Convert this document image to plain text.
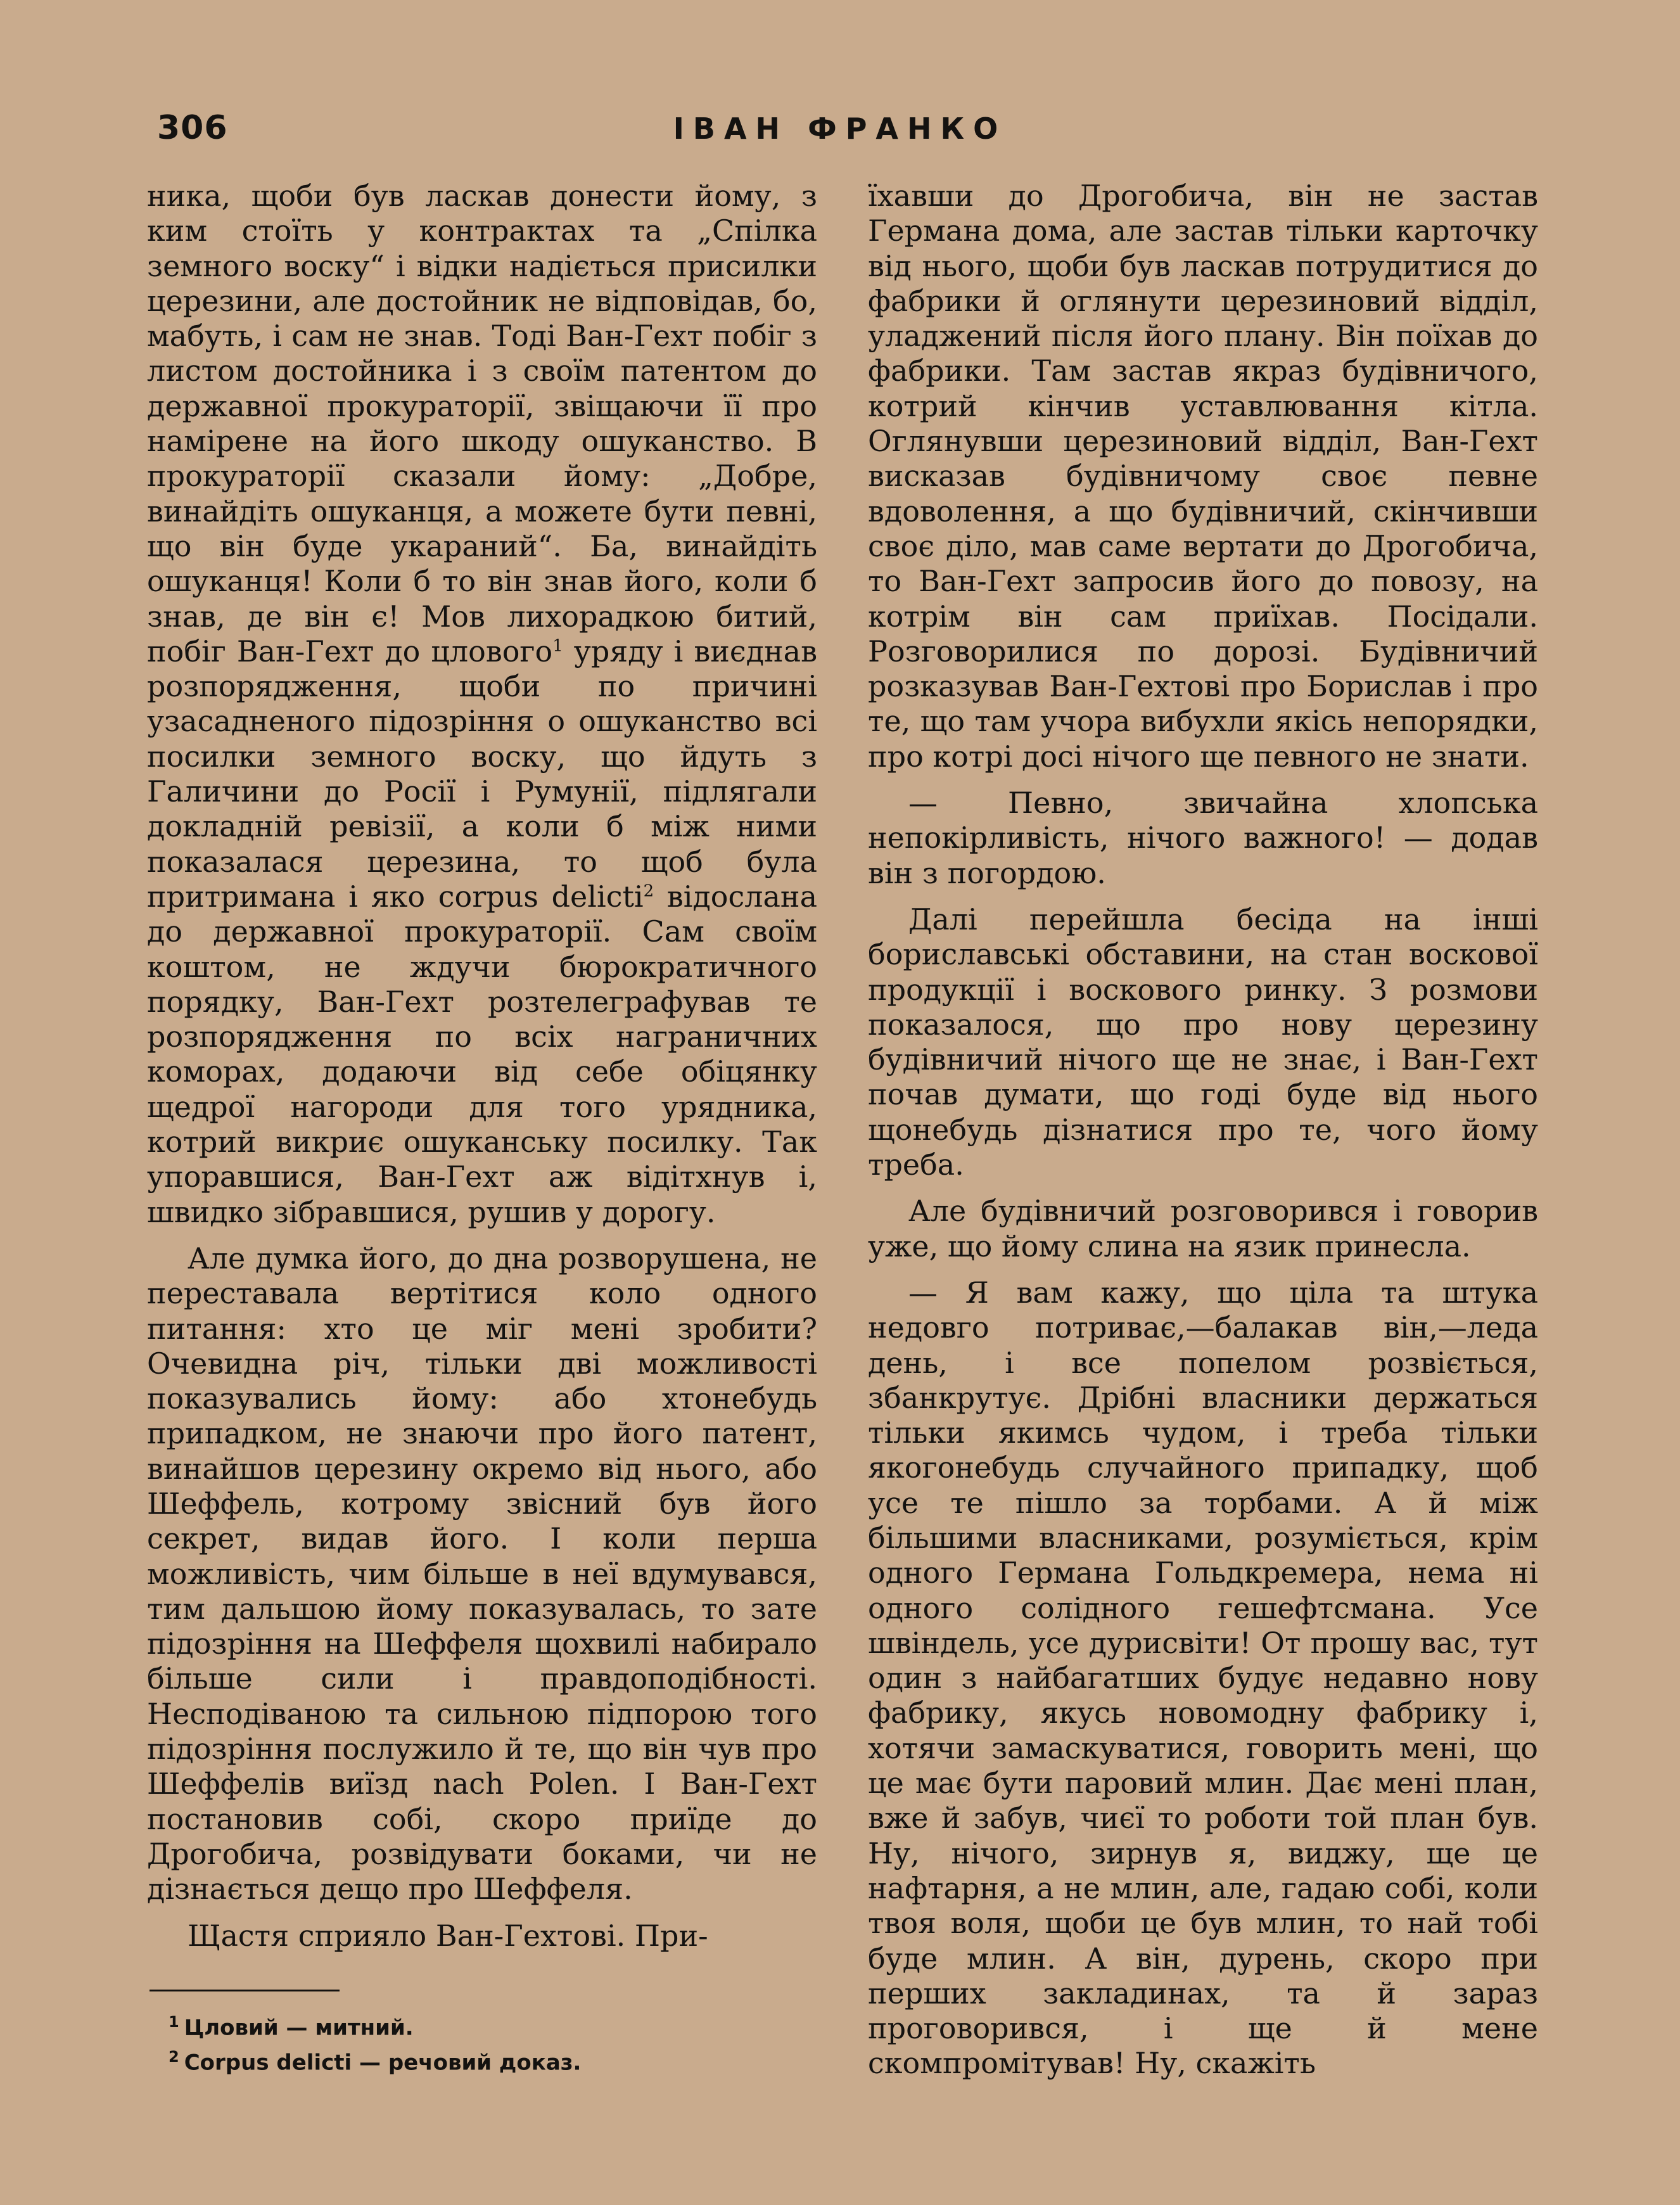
306	ІВАН ФРАНКО

ника, щоби був ласкав донести йому, з ким стоїть у контрактах та „Спілка земного воску“ і відки надіється присилки церезини, але достойник не відповідав, бо, мабуть, і сам не знав. Тоді Ван-Гехт побіг з листом достойника і з своїм патентом до державної прокураторії, звіщаючи її про намірене на його шкоду ошуканство. В прокураторії сказали йому: „Добре, винайдіть ошуканця, а можете бути певні, що він буде укараний“. Ба, винайдіть ошуканця! Коли б то він знав його, коли б знав, де він є! Мов лихорадкою битий, побіг Ван-Гехт до цлового$^1$ уряду і виєднав розпорядження, щоби по причині узасадненого підозріння о ошуканство всі посилки земного воску, що йдуть з Галичини до Росії і Румунії, підлягали докладній ревізії, а коли б між ними показалася церезина, то щоб була притримана і яко corpus delicti$^2$ відослана до державної прокураторії. Сам своїм коштом, не ждучи бюрократичного порядку, Ван-Гехт розтелеграфував те розпорядження по всіх награничних коморах, додаючи від себе обіцянку щедрої нагороди для того урядника, котрий викриє ошуканську посилку. Так упоравшися, Ван-Гехт аж відітхнув і, швидко зібравшися, рушив у дорогу.

Але думка його, до дна розворушена, не переставала вертітися коло одного питання: хто це міг мені зробити? Очевидна річ, тільки дві можливості показувались йому: або хтонебудь припадком, не знаючи про його патент, винайшов церезину окремо від нього, або Шеффель, котрому звісний був його секрет, видав його. І коли перша можливість, чим більше в неї вдумувався, тим дальшою йому показувалась, то зате підозріння на Шеффеля щохвилі набирало більше сили і правдоподібності. Несподіваною та сильною підпорою того підозріння послужило й те, що він чув про Шеффелів виїзд nach Polen. І Ван-Гехт постановив собі, скоро приїде до Дрогобича, розвідувати боками, чи не дізнається дещо про Шеффеля.

Щастя сприяло Ван-Гехтові. При-

їхавши до Дрогобича, він не застав Германа дома, але застав тільки карточку від нього, щоби був ласкав потрудитися до фабрики й оглянути церезиновий відділ, уладжений після його плану. Він поїхав до фабрики. Там застав якраз будівничого, котрий кінчив уставлювання кітла. Оглянувши церезиновий відділ, Ван-Гехт висказав будівничому своє певне вдоволення, а що будівничий, скінчивши своє діло, мав саме вертати до Дрогобича, то Ван-Гехт запросив його до повозу, на котрім він сам приїхав. Посідали. Розговорилися по дорозі. Будівничий розказував Ван-Гехтові про Борислав і про те, що там учора вибухли якісь непорядки, про котрі досі нічого ще певного не знати.

— Певно, звичайна хлопська непокірливість, нічого важного! — додав він з погордою.

Далі перейшла бесіда на інші бориславські обставини, на стан воскової продукції і воскового ринку. З розмови показалося, що про нову церезину будівничий нічого ще не знає, і Ван-Гехт почав думати, що годі буде від нього щонебудь дізнатися про те, чого йому треба.

Але будівничий розговорився і говорив уже, що йому слина на язик принесла.

— Я вам кажу, що ціла та штука недовго потриває,—балакав він,—леда день, і все попелом розвіється, збанкрутує. Дрібні власники держаться тільки якимсь чудом, і треба тільки якогонебудь случайного припадку, щоб усе те пішло за торбами. А й між більшими власниками, розуміється, крім одного Германа Гольдкремера, нема ні одного солідного гешефтсмана. Усе швіндель, усе дурисвіти! От прошу вас, тут один з найбагатших будує недавно нову фабрику, якусь новомодну фабрику і, хотячи замаскуватися, говорить мені, що це має бути паровий млин. Дає мені план, вже й забув, чиєї то роботи той план був. Ну, нічого, зирнув я, виджу, ще це нафтарня, а не млин, але, гадаю собі, коли твоя воля, щоби це був млин, то най тобі буде млин. А він, дурень, скоро при перших закладинах, та й зараз проговорився, і ще й мене скомпромітував! Ну, скажіть

$^1$ Цловий — митний.
$^2$ Corpus delicti — речовий доказ.
